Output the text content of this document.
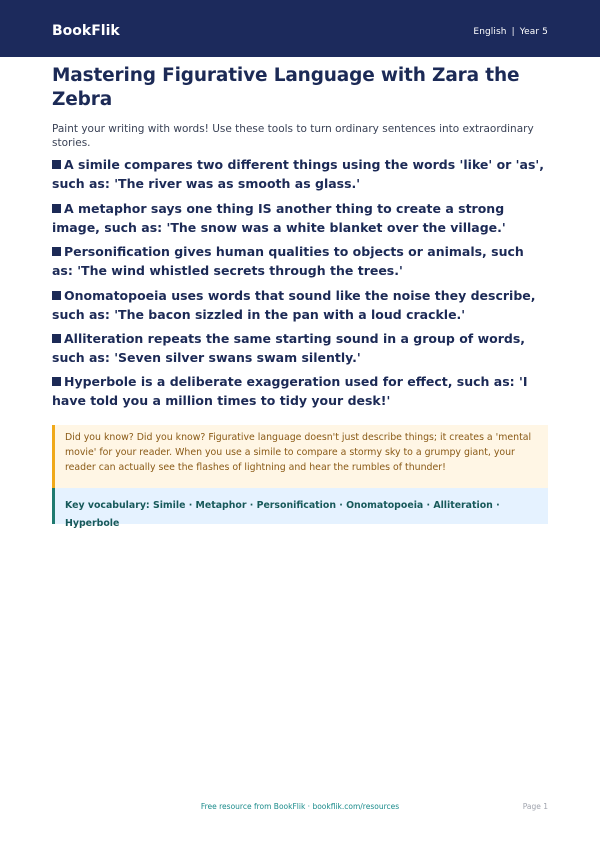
BookFlik	English | Year 5
Mastering Figurative Language with Zara the Zebra

Paint your writing with words! Use these tools to turn ordinary sentences into extraordinary stories.

A simile compares two different things using the words 'like' or 'as', such as: 'The river was as smooth as glass.'
A metaphor says one thing IS another thing to create a strong image, such as: 'The snow was a white blanket over the village.'
Personification gives human qualities to objects or animals, such as: 'The wind whistled secrets through the trees.'
Onomatopoeia uses words that sound like the noise they describe, such as: 'The bacon sizzled in the pan with a loud crackle.'
Alliteration repeats the same starting sound in a group of words, such as: 'Seven silver swans swam silently.'
Hyperbole is a deliberate exaggeration used for effect, such as: 'I have told you a million times to tidy your desk!'
Did you know? Did you know? Figurative language doesn't just describe things; it creates a 'mental movie' for your reader. When you use a simile to compare a stormy sky to a grumpy giant, your reader can actually see the flashes of lightning and hear the rumbles of thunder!
Key vocabulary: Simile · Metaphor · Personification · Onomatopoeia · Alliteration · Hyperbole
Free resource from BookFlik · bookflik.com/resources	Page 1
